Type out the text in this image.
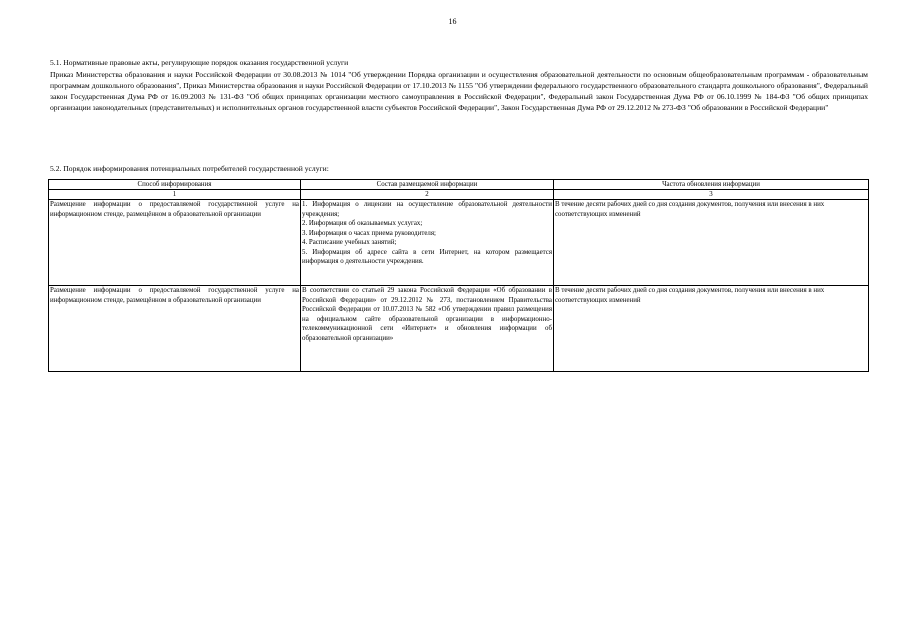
16
5.1. Нормативные правовые акты, регулирующие порядок оказания государственной услуги
Приказ Министерства образования и науки Российской Федерации от 30.08.2013 № 1014 "Об утверждении Порядка организации и осуществления образовательной деятельности по основным общеобразовательным программам - образовательным программам дошкольного образования", Приказ Министерства образования и науки Российской Федерации от 17.10.2013 № 1155 "Об утверждении федерального государственного образовательного стандарта дошкольного образования", Федеральный закон Государственная Дума РФ от 16.09.2003 № 131-ФЗ "Об общих принципах организации местного самоуправления в Российской Федерации", Федеральный закон Государственная Дума РФ от 06.10.1999 № 184-ФЗ "Об общих принципах организации законодательных (представительных) и исполнительных органов государственной власти субъектов Российской Федерации", Закон Государственная Дума РФ от 29.12.2012 № 273-ФЗ "Об образовании в Российской Федерации"
5.2. Порядок информирования потенциальных потребителей государственной услуги:
Способ информирования	Состав размещаемой информации	Частота обновления информации
1	2	3
Размещение информации о предоставляемой государственной услуге на информационном стенде, размещённом в образовательной организации	1. Информация о лицензии на осуществление образовательной деятельности учреждения;
2. Информация об оказываемых услугах;
3. Информация о часах приема руководителя;
4. Расписание учебных занятий;
5. Информация об адресе сайта в сети Интернет, на котором размещается информация о деятельности учреждения.	В течение десяти рабочих дней со дня создания документов, получения или внесения в них соответствующих изменений
Размещение информации о предоставляемой государственной услуге на информационном стенде, размещённом в образовательной организации	В соответствии со статьей 29 закона Российской Федерации «Об образовании в Российской Федерации» от 29.12.2012 № 273, постановлением Правительства Российской Федерации от 10.07.2013 № 582 «Об утверждении правил размещения на официальном сайте образовательной организации в информационно-телекоммуникационной сети «Интернет» и обновления информации об образовательной организации»	В течение десяти рабочих дней со дня создания документов, получения или внесения в них соответствующих изменений
